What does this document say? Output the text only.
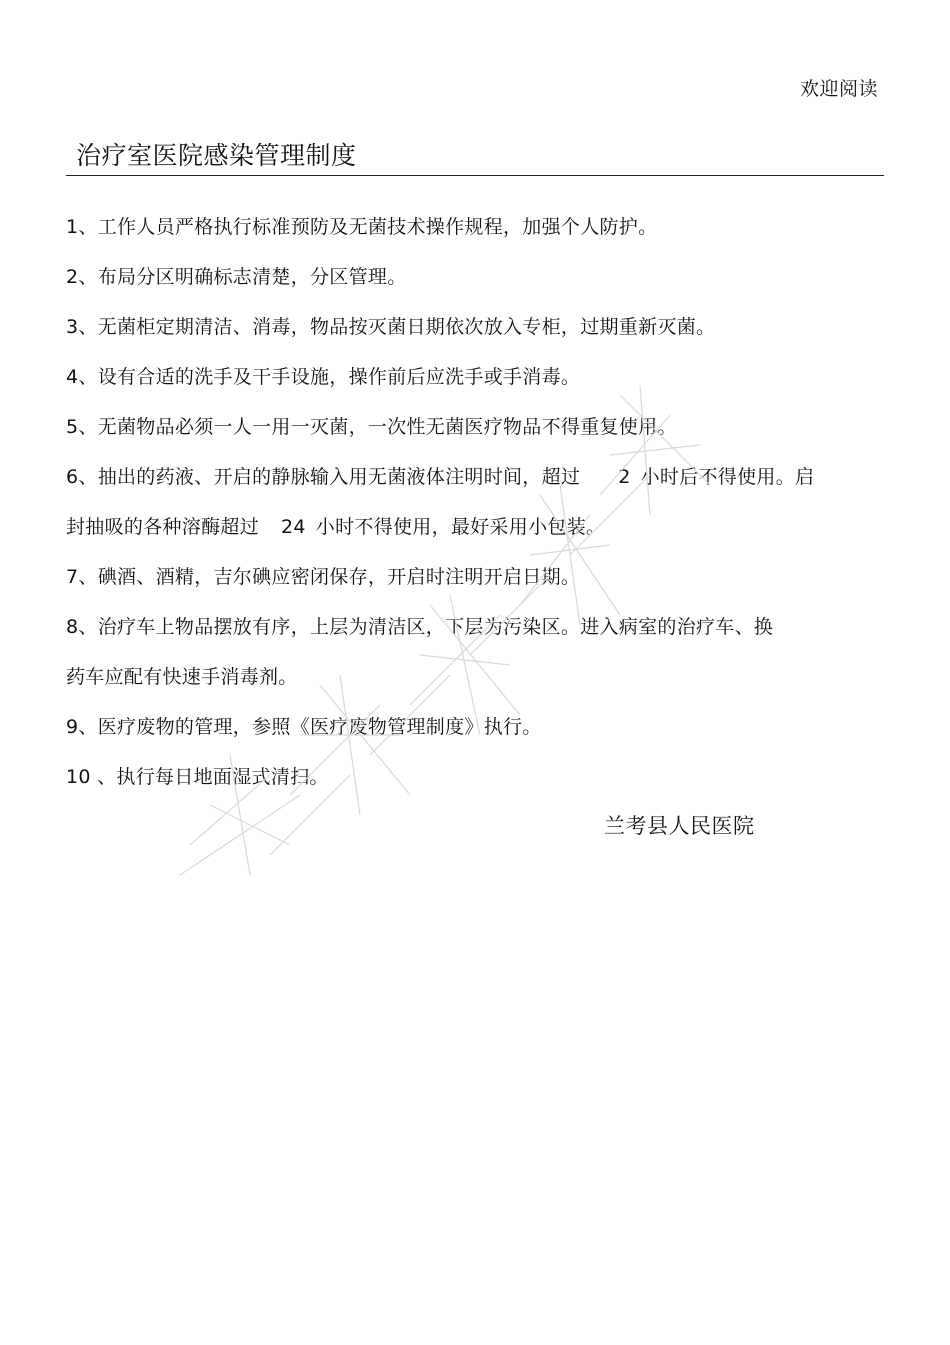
欢迎阅读
治疗室医院感染管理制度
1、工作人员严格执行标准预防及无菌技术操作规程，加强个人防护。
2、布局分区明确标志清楚，分区管理。
3、无菌柜定期清洁、消毒，物品按灭菌日期依次放入专柜，过期重新灭菌。
4、设有合适的洗手及干手设施，操作前后应洗手或手消毒。
5、无菌物品必须一人一用一灭菌，一次性无菌医疗物品不得重复使用。
6、抽出的药液、开启的静脉输入用无菌液体注明时间，超过 2 小时后不得使用。启
封抽吸的各种溶酶超过 24 小时不得使用，最好采用小包装。
7、碘酒、酒精，吉尔碘应密闭保存，开启时注明开启日期。
8、治疗车上物品摆放有序，上层为清洁区，下层为污染区。进入病室的治疗车、换
药车应配有快速手消毒剂。
9、医疗废物的管理，参照《医疗废物管理制度》执行。
10 、执行每日地面湿式清扫。
兰考县人民医院
